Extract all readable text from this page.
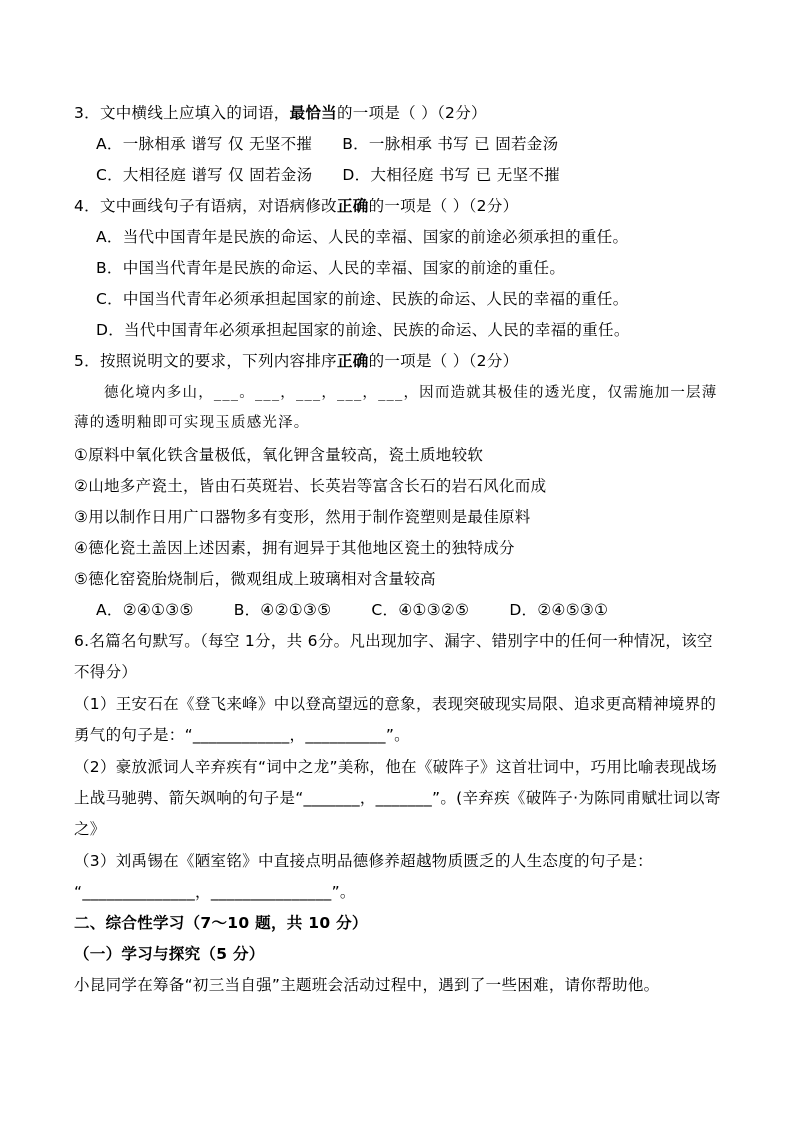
3．文中横线上应填入的词语，最恰当的一项是（ ）（2分）
A．一脉相承 谱写 仅 无坚不摧 B．一脉相承 书写 已 固若金汤
C．大相径庭 谱写 仅 固若金汤 D．大相径庭 书写 已 无坚不摧
4．文中画线句子有语病，对语病修改正确的一项是（ ）（2分）
A．当代中国青年是民族的命运、人民的幸福、国家的前途必须承担的重任。
B．中国当代青年是民族的命运、人民的幸福、国家的前途的重任。
C．中国当代青年必须承担起国家的前途、民族的命运、人民的幸福的重任。
D．当代中国青年必须承担起国家的前途、民族的命运、人民的幸福的重任。
5．按照说明文的要求，下列内容排序正确的一项是（ ）（2分）
德化境内多山，___。___，___，___，___，因而造就其极佳的透光度，仅需施加一层薄
薄的透明釉即可实现玉质感光泽。
①原料中氧化铁含量极低，氧化钾含量较高，瓷土质地较软
②山地多产瓷土，皆由石英斑岩、长英岩等富含长石的岩石风化而成
③用以制作日用广口器物多有变形，然用于制作瓷塑则是最佳原料
④德化瓷土盖因上述因素，拥有迥异于其他地区瓷土的独特成分
⑤德化窑瓷胎烧制后，微观组成上玻璃相对含量较高
A．②④①③⑤	B．④②①③⑤	C．④①③②⑤	D．②④⑤③①
6.名篇名句默写。（每空 1分，共 6分。凡出现加字、漏字、错别字中的任何一种情况，该空
不得分）
（1）王安石在《登飞来峰》中以登高望远的意象，表现突破现实局限、追求更高精神境界的
勇气的句子是：“____________，__________”。
（2）豪放派词人辛弃疾有“词中之龙”美称，他在《破阵子》这首壮词中，巧用比喻表现战场
上战马驰骋、箭矢飒响的句子是“_______，_______”。(辛弃疾《破阵子·为陈同甫赋壮词以寄
之》
（3）刘禹锡在《陋室铭》中直接点明品德修养超越物质匮乏的人生态度的句子是：
“______________，_______________”。
二、综合性学习（7～10 题，共 10 分）
（一）学习与探究（5 分）
小昆同学在筹备“初三当自强”主题班会活动过程中，遇到了一些困难，请你帮助他。
